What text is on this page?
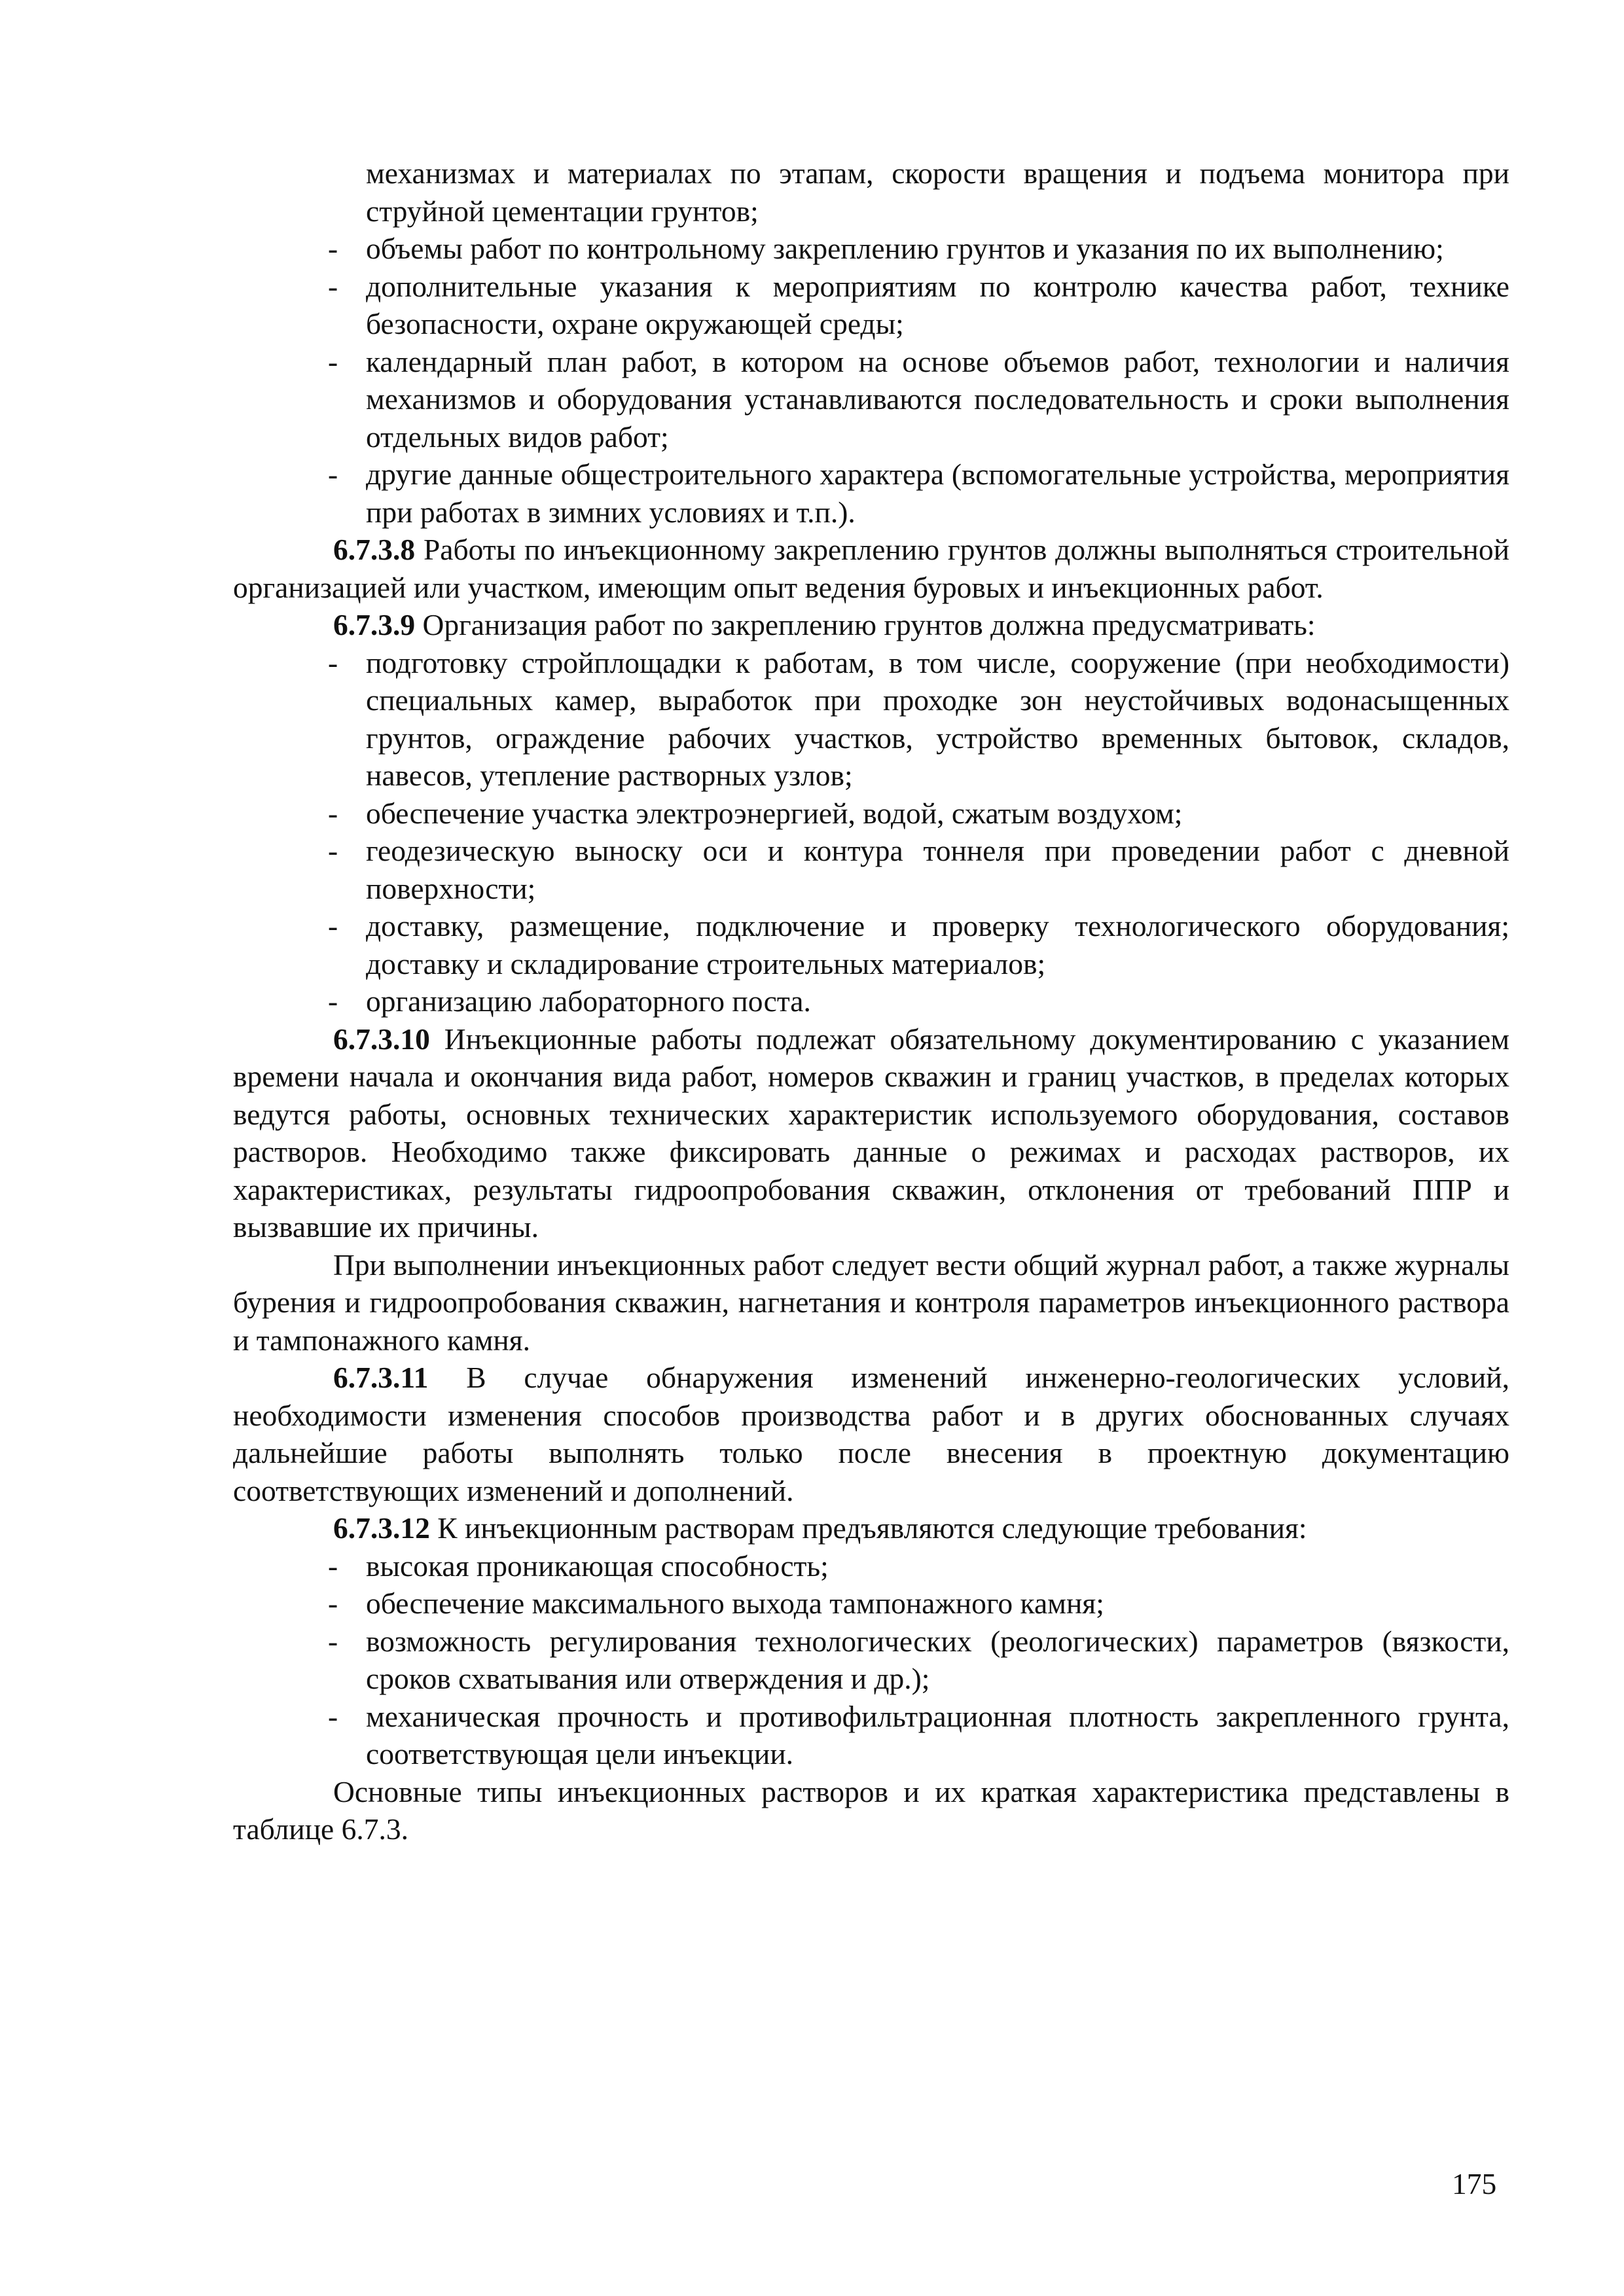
механизмах и материалах по этапам, скорости вращения и подъема монитора при струйной цементации грунтов;

- объемы работ по контрольному закреплению грунтов и указания по их выполнению;

- дополнительные указания к мероприятиям по контролю качества работ, технике безопасности, охране окружающей среды;

- календарный план работ, в котором на основе объемов работ, технологии и наличия механизмов и оборудования устанавливаются последовательность и сроки выполнения отдельных видов работ;

- другие данные общестроительного характера (вспомогательные устройства, мероприятия при работах в зимних условиях и т.п.).

6.7.3.8 Работы по инъекционному закреплению грунтов должны выполняться строительной организацией или участком, имеющим опыт ведения буровых и инъекционных работ.

6.7.3.9 Организация работ по закреплению грунтов должна предусматривать:

- подготовку стройплощадки к работам, в том числе, сооружение (при необходимости) специальных камер, выработок при проходке зон неустойчивых водонасыщенных грунтов, ограждение рабочих участков, устройство временных бытовок, складов, навесов, утепление растворных узлов;

- обеспечение участка электроэнергией, водой, сжатым воздухом;

- геодезическую выноску оси и контура тоннеля при проведении работ с дневной поверхности;

- доставку, размещение, подключение и проверку технологического оборудования; доставку и складирование строительных материалов;

- организацию лабораторного поста.

6.7.3.10 Инъекционные работы подлежат обязательному документированию с указанием времени начала и окончания вида работ, номеров скважин и границ участков, в пределах которых ведутся работы, основных технических характеристик используемого оборудования, составов растворов. Необходимо также фиксировать данные о режимах и расходах растворов, их характеристиках, результаты гидроопробования скважин, отклонения от требований ППР и вызвавшие их причины.

При выполнении инъекционных работ следует вести общий журнал работ, а также журналы бурения и гидроопробования скважин, нагнетания и контроля параметров инъекционного раствора и тампонажного камня.

6.7.3.11 В случае обнаружения изменений инженерно-геологических условий, необходимости изменения способов производства работ и в других обоснованных случаях дальнейшие работы выполнять только после внесения в проектную документацию соответствующих изменений и дополнений.

6.7.3.12 К инъекционным растворам предъявляются следующие требования:

- высокая проникающая способность;

- обеспечение максимального выхода тампонажного камня;

- возможность регулирования технологических (реологических) параметров (вязкости, сроков схватывания или отверждения и др.);

- механическая прочность и противофильтрационная плотность закрепленного грунта, соответствующая цели инъекции.

Основные типы инъекционных растворов и их краткая характеристика представлены в таблице 6.7.3.

175
